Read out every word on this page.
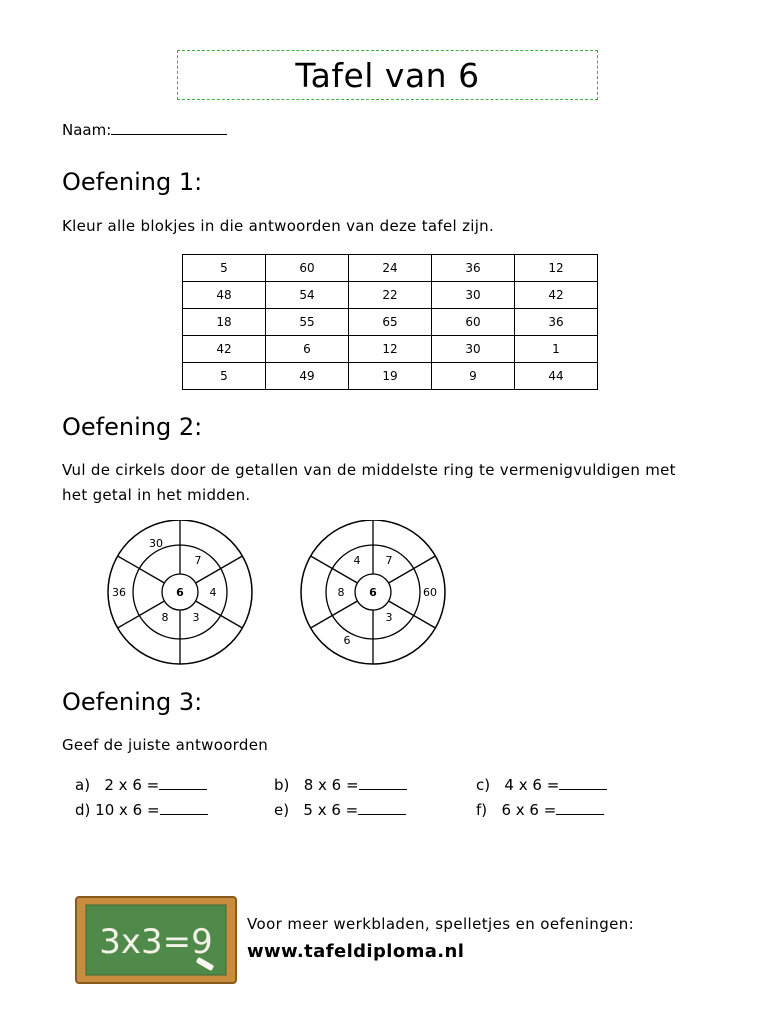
Tafel van 6
Naam:
Oefening 1:
Kleur alle blokjes in die antwoorden van deze tafel zijn.
5	60	24	36	12
48	54	22	30	42
18	55	65	60	36
42	6	12	30	1
5	49	19	9	44
Oefening 2:
Vul de cirkels door de getallen van de middelste ring te vermenigvuldigen met
het getal in het midden.
6
7
4
3
8
30
36	6
4 7
8
3
60
6
Oefening 3:
Geef de juiste antwoorden
a) 2 x 6 =	b) 8 x 6 =	c) 4 x 6 =
d) 10 x 6 =	e) 5 x 6 =	f) 6 x 6 =
3x3=9 Voor meer werkbladen, spelletjes en oefeningen:
www.tafeldiploma.nl
